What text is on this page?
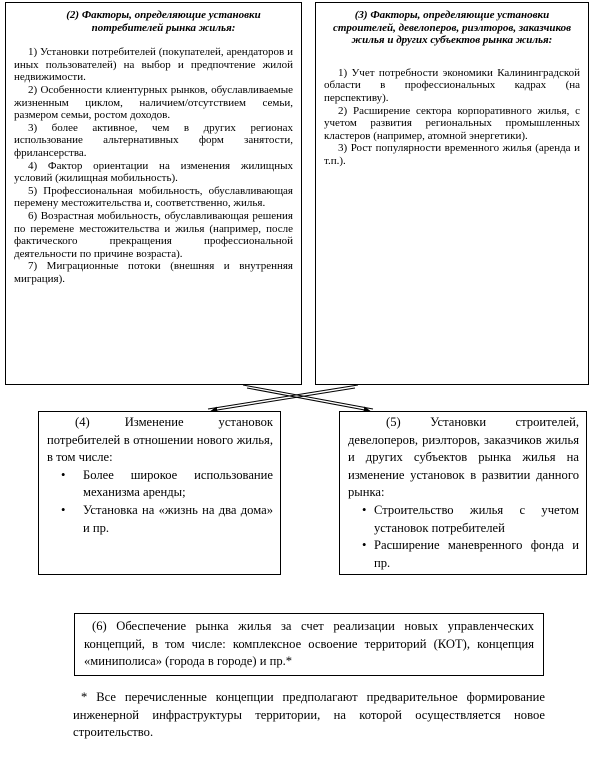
(2) Факторы, определяющие установки потребителей рынка жилья:
1) Установки потребителей (покупателей, арендаторов и иных пользователей) на выбор и предпочтение жилой недвижимости.
2) Особенности клиентурных рынков, обуславливаемые жизненным циклом, наличием/отсутствием семьи, размером семьи, ростом доходов.
3) более активное, чем в других регионах использование альтернативных форм занятости, фрилансерства.
4) Фактор ориентации на изменения жилищных условий (жилищная мобильность).
5) Профессиональная мобильность, обуславливающая перемену местожительства и, соответственно, жилья.
6) Возрастная мобильность, обуславливающая решения по перемене местожительства и жилья (например, после фактического прекращения профессиональной деятельности по причине возраста).
7) Миграционные потоки (внешняя и внутренняя миграция).
(3) Факторы, определяющие установки строителей, девелоперов, риэлторов, заказчиков жилья и других субъектов рынка жилья:
1) Учет потребности экономики Калининградской области в профессиональных кадрах (на перспективу).
2) Расширение сектора корпоративного жилья, с учетом развития региональных промышленных кластеров (например, атомной энергетики).
3) Рост популярности временного жилья (аренда и т.п.).
(4) Изменение установок потребителей в отношении нового жилья, в том числе:
•	Более широкое использование механизма аренды;
•	Установка на «жизнь на два дома» и пр.
(5) Установки строителей, девелоперов, риэлторов, заказчиков жилья и других субъектов рынка жилья на изменение установок в развитии данного рынка:
• Строительство жилья с учетом установок потребителей
• Расширение маневренного фонда и пр.
(6) Обеспечение рынка жилья за счет реализации новых управленческих концепций, в том числе: комплексное освоение территорий (КОТ), концепция «миниполиса» (города в городе) и пр.*
* Все перечисленные концепции предполагают предварительное формирование инженерной инфраструктуры территории, на которой осуществляется новое строительство.
